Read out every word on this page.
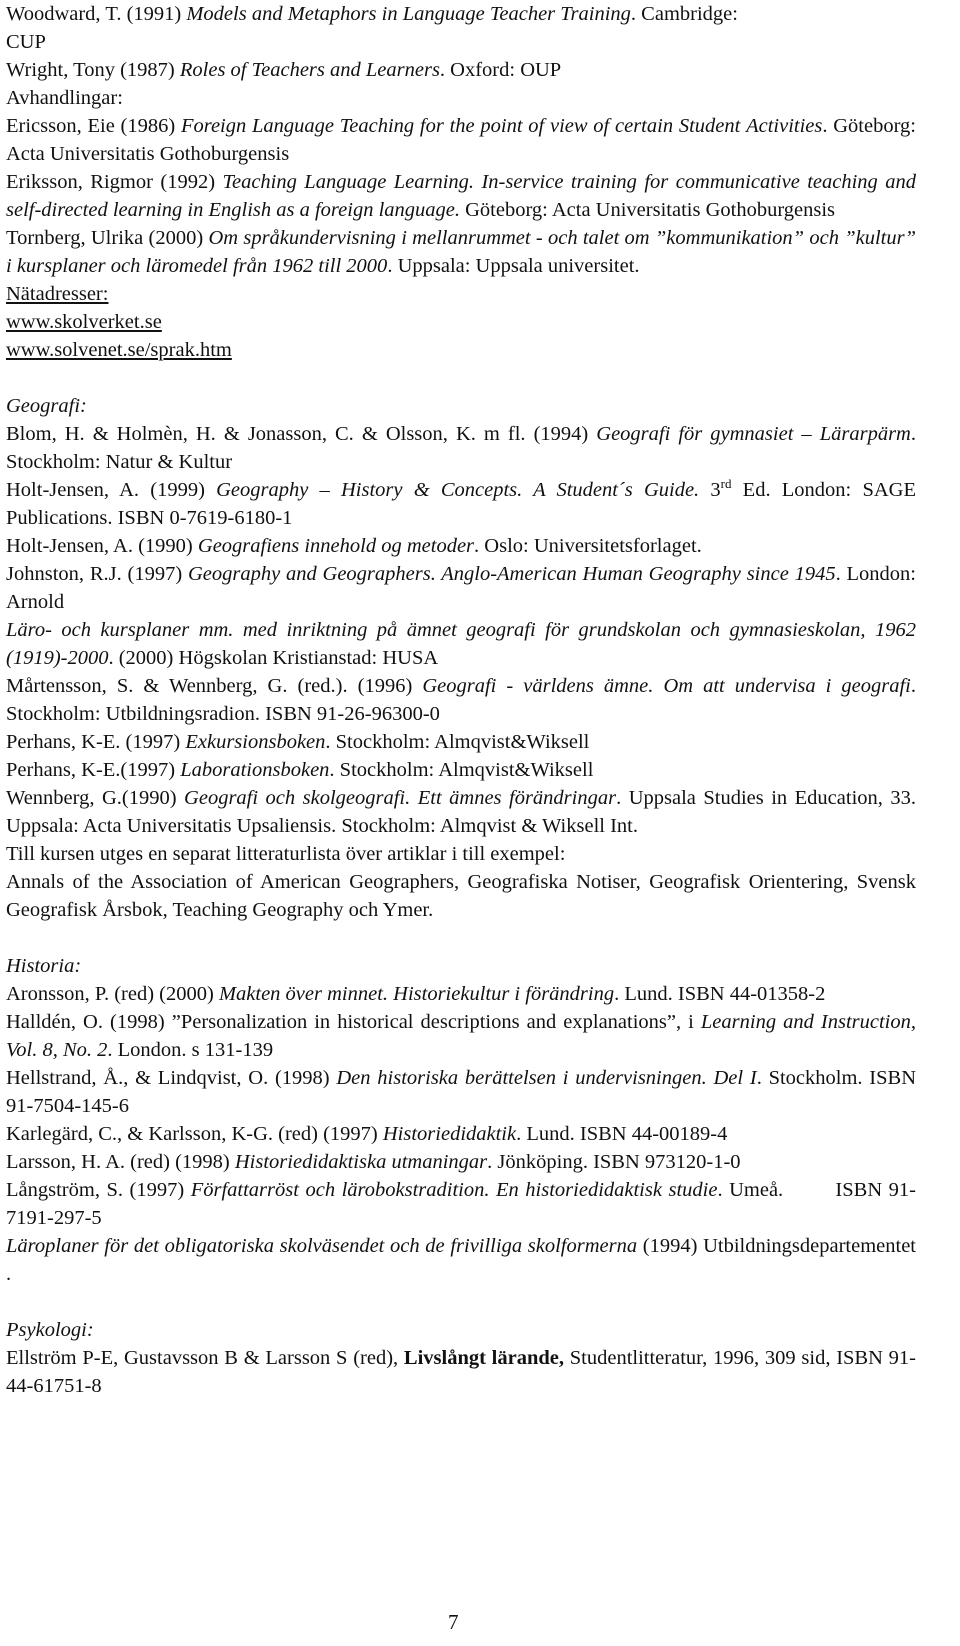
Woodward, T. (1991) Models and Metaphors in Language Teacher Training. Cambridge:
CUP

Wright, Tony (1987) Roles of Teachers and Learners. Oxford: OUP

Avhandlingar:

Ericsson, Eie (1986) Foreign Language Teaching for the point of view of certain Student Activities. Göteborg: Acta Universitatis Gothoburgensis

Eriksson, Rigmor (1992) Teaching Language Learning. In-service training for communicative teaching and self-directed learning in English as a foreign language. Göteborg: Acta Universitatis Gothoburgensis

Tornberg, Ulrika (2000) Om språkundervisning i mellanrummet - och talet om ”kommunikation” och ”kultur” i kursplaner och läromedel från 1962 till 2000. Uppsala: Uppsala universitet.

Nätadresser:

www.skolverket.se

www.solvenet.se/sprak.htm

Geografi:

Blom, H. & Holmèn, H. & Jonasson, C. & Olsson, K. m fl. (1994) Geografi för gymnasiet – Lärarpärm. Stockholm: Natur & Kultur

Holt-Jensen, A. (1999) Geography – History & Concepts. A Student´s Guide. 3rd Ed. London: SAGE Publications. ISBN 0-7619-6180-1

Holt-Jensen, A. (1990) Geografiens innehold og metoder. Oslo: Universitetsforlaget.

Johnston, R.J. (1997) Geography and Geographers. Anglo-American Human Geography since 1945. London: Arnold

Läro- och kursplaner mm. med inriktning på ämnet geografi för grundskolan och gymnasieskolan, 1962 (1919)-2000. (2000) Högskolan Kristianstad: HUSA

Mårtensson, S. & Wennberg, G. (red.). (1996) Geografi - världens ämne. Om att undervisa i geografi. Stockholm: Utbildningsradion. ISBN 91-26-96300-0

Perhans, K-E. (1997) Exkursionsboken. Stockholm: Almqvist&Wiksell

Perhans, K-E.(1997) Laborationsboken. Stockholm: Almqvist&Wiksell

Wennberg, G.(1990) Geografi och skolgeografi. Ett ämnes förändringar. Uppsala Studies in Education, 33. Uppsala: Acta Universitatis Upsaliensis. Stockholm: Almqvist & Wiksell Int.

Till kursen utges en separat litteraturlista över artiklar i till exempel:

Annals of the Association of American Geographers, Geografiska Notiser, Geografisk Orientering, Svensk Geografisk Årsbok, Teaching Geography och Ymer.

Historia:

Aronsson, P. (red) (2000) Makten över minnet. Historiekultur i förändring. Lund. ISBN 44-01358-2

Halldén, O. (1998) ”Personalization in historical descriptions and explanations”, i Learning and Instruction, Vol. 8, No. 2. London. s 131-139

Hellstrand, Å., & Lindqvist, O. (1998) Den historiska berättelsen i undervisningen. Del I. Stockholm. ISBN 91-7504-145-6

Karlegärd, C., & Karlsson, K-G. (red) (1997) Historiedidaktik. Lund. ISBN 44-00189-4

Larsson, H. A. (red) (1998) Historiedidaktiska utmaningar. Jönköping. ISBN 973120-1-0

Långström, S. (1997) Författarröst och lärobokstradition. En historiedidaktisk studie. Umeå.        ISBN 91-7191-297-5

Läroplaner för det obligatoriska skolväsendet och de frivilliga skolformerna (1994) Utbildningsdepartementet .

Psykologi:

Ellström P-E, Gustavsson B & Larsson S (red), Livslångt lärande, Studentlitteratur, 1996, 309 sid, ISBN 91-44-61751-8

7
